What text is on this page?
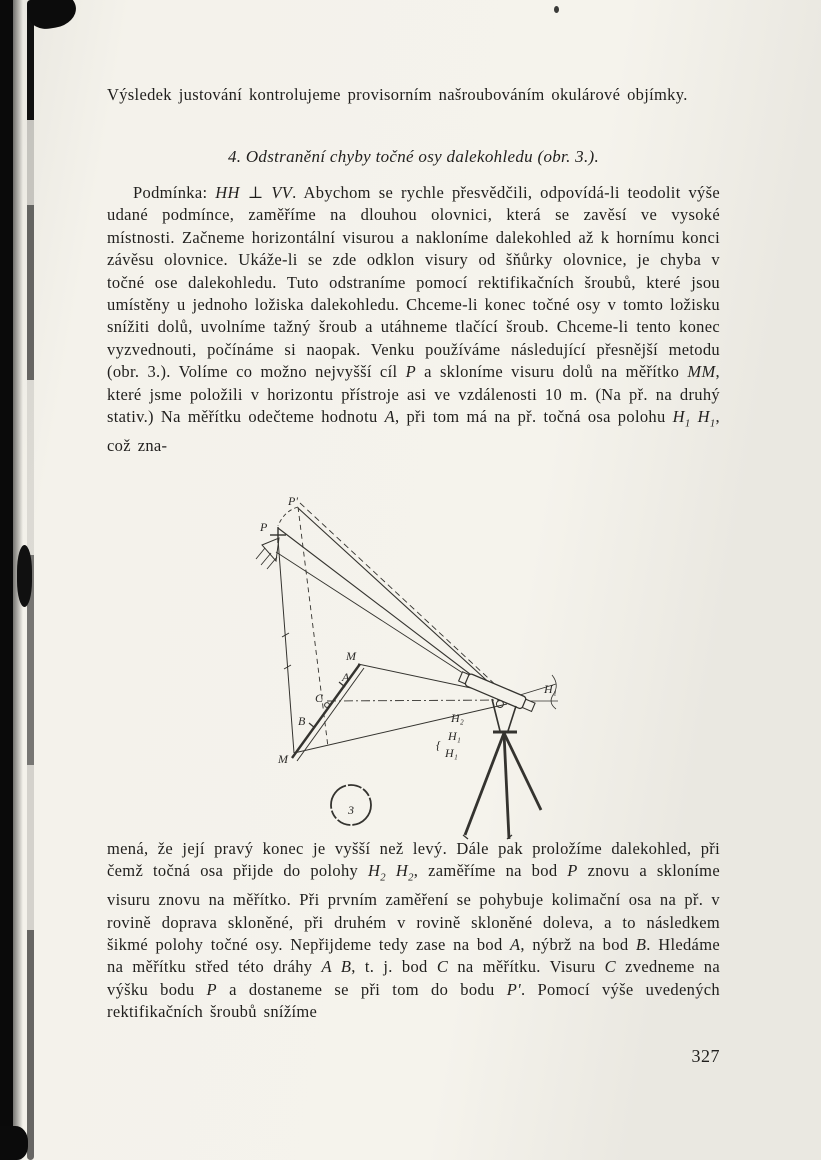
Výsledek justování kontrolujeme provisorním našroubováním okulárové objímky.

4. Odstranění chyby točné osy dalekohledu (obr. 3.).

Podmínka: HH ⊥ VV. Abychom se rychle přesvědčili, odpovídá-li teodolit výše udané podmínce, zaměříme na dlouhou olovnici, která se zavěsí ve vysoké místnosti. Začneme horizontální visurou a nakloníme dalekohled až k hornímu konci závěsu olovnice. Ukáže-li se zde odklon visury od šňůrky olovnice, je chyba v točné ose dalekohledu. Tuto odstraníme pomocí rektifikačních šroubů, které jsou umístěny u jednoho ložiska dalekohledu. Chceme-li konec točné osy v tomto ložisku snížiti dolů, uvolníme tažný šroub a utáhneme tlačící šroub. Chceme-li tento konec vyzvednouti, počínáme si naopak. Venku používáme následující přesnější metodu (obr. 3.). Volíme co možno nejvyšší cíl P a skloníme visuru dolů na měřítko MM, které jsme položili v horizontu přístroje asi ve vzdálenosti 10 m. (Na př. na druhý stativ.) Na měřítku odečteme hodnotu A, při tom má na př. točná osa polohu $H_1$ $H_1$, což zna-

P'
P
M
A
C
B
M
H₁
{
H₂
H₁
H₁
3

mená, že její pravý konec je vyšší než levý. Dále pak proložíme dalekohled, při čemž točná osa přijde do polohy $H_2$ $H_2$, zaměříme na bod P znovu a skloníme visuru znovu na měřítko. Při prvním zaměření se pohybuje kolimační osa na př. v rovině doprava skloněné, při druhém v rovině skloněné doleva, a to následkem šikmé polohy točné osy. Nepřijdeme tedy zase na bod A, nýbrž na bod B. Hledáme na měřítku střed této dráhy A B, t. j. bod C na měřítku. Visuru C zvedneme na výšku bodu P a dostaneme se při tom do bodu P'. Pomocí výše uvedených rektifikačních šroubů snížíme

327
